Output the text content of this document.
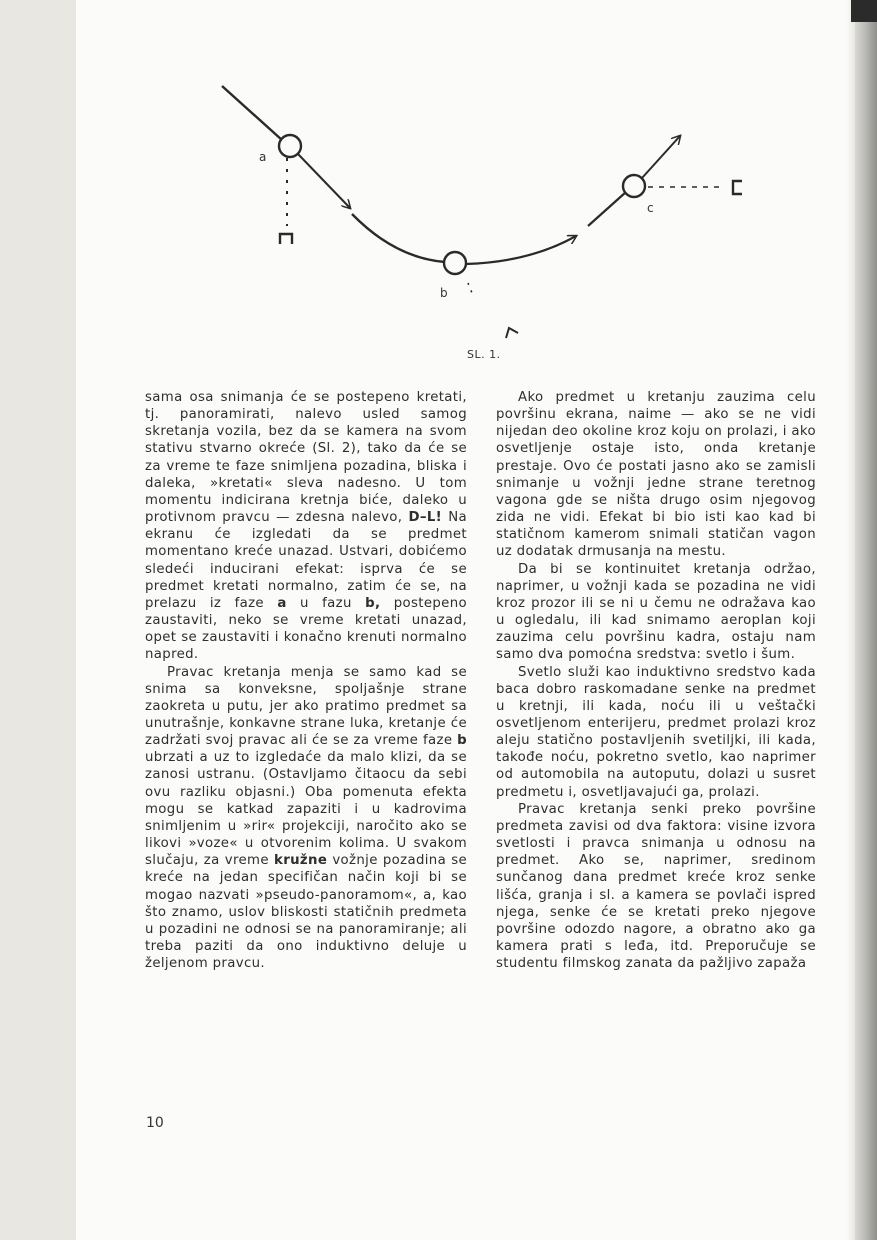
a
b
c
SL. 1.

sama osa snimanja će se postepeno kretati, tj. panoramirati, nalevo usled samog skretanja vozila, bez da se kamera na svom stativu stvarno okreće (Sl. 2), tako da će se za vreme te faze snimljena pozadina, bliska i daleka, »kretati« sleva nadesno. U tom momentu indicirana kretnja biće, daleko u protivnom pravcu — zdesna nalevo, D–L! Na ekranu će izgledati da se predmet momentano kreće unazad. Ustvari, dobićemo sledeći inducirani efekat: isprva će se predmet kretati normalno, zatim će se, na prelazu iz faze a u fazu b, postepeno zaustaviti, neko se vreme kretati unazad, opet se zaustaviti i konačno krenuti normalno napred.

Pravac kretanja menja se samo kad se snima sa konveksne, spoljašnje strane zaokreta u putu, jer ako pratimo predmet sa unutrašnje, konkavne strane luka, kretanje će zadržati svoj pravac ali će se za vreme faze b ubrzati a uz to izgledaće da malo klizi, da se zanosi ustranu. (Ostavljamo čitaocu da sebi ovu razliku objasni.) Oba pomenuta efekta mogu se katkad zapaziti i u kadrovima snimljenim u »rir« projekciji, naročito ako se likovi »voze« u otvorenim kolima. U svakom slučaju, za vreme kružne vožnje pozadina se kreće na jedan specifičan način koji bi se mogao nazvati »pseudo-panoramom«, a, kao što znamo, uslov bliskosti statičnih predmeta u pozadini ne odnosi se na panoramiranje; ali treba paziti da ono induktivno deluje u željenom pravcu.

Ako predmet u kretanju zauzima celu površinu ekrana, naime — ako se ne vidi nijedan deo okoline kroz koju on prolazi, i ako osvetljenje ostaje isto, onda kretanje prestaje. Ovo će postati jasno ako se zamisli snimanje u vožnji jedne strane teretnog vagona gde se ništa drugo osim njegovog zida ne vidi. Efekat bi bio isti kao kad bi statičnom kamerom snimali statičan vagon uz dodatak drmusanja na mestu.

Da bi se kontinuitet kretanja održao, naprimer, u vožnji kada se pozadina ne vidi kroz prozor ili se ni u čemu ne odražava kao u ogledalu, ili kad snimamo aeroplan koji zauzima celu površinu kadra, ostaju nam samo dva pomoćna sredstva: svetlo i šum.

Svetlo služi kao induktivno sredstvo kada baca dobro raskomadane senke na predmet u kretnji, ili kada, noću ili u veštački osvetljenom enterijeru, predmet prolazi kroz aleju statično postavljenih svetiljki, ili kada, takođe noću, pokretno svetlo, kao naprimer od automobila na autoputu, dolazi u susret predmetu i, osvetljavajući ga, prolazi.

Pravac kretanja senki preko površine predmeta zavisi od dva faktora: visine izvora svetlosti i pravca snimanja u odnosu na predmet. Ako se, naprimer, sredinom sunčanog dana predmet kreće kroz senke lišća, granja i sl. a kamera se povlači ispred njega, senke će se kretati preko njegove površine odozdo nagore, a obratno ako ga kamera prati s leđa, itd. Preporučuje se studentu filmskog zanata da pažljivo zapaža

10
